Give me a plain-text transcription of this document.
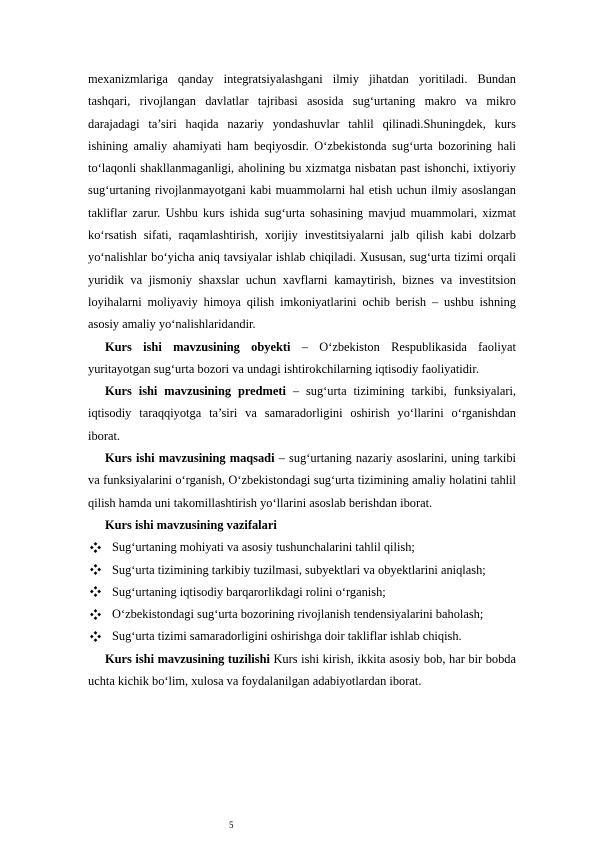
mexanizmlariga qanday integratsiyalashgani ilmiy jihatdan yoritiladi. Bundan tashqari, rivojlangan davlatlar tajribasi asosida sug‘urtaning makro va mikro darajadagi ta’siri haqida nazariy yondashuvlar tahlil qilinadi.Shuningdek, kurs ishining amaliy ahamiyati ham beqiyosdir. O‘zbekistonda sug‘urta bozorining hali to‘laqonli shakllanmaganligi, aholining bu xizmatga nisbatan past ishonchi, ixtiyoriy sug‘urtaning rivojlanmayotgani kabi muammolarni hal etish uchun ilmiy asoslangan takliflar zarur. Ushbu kurs ishida sug‘urta sohasining mavjud muammolari, xizmat ko‘rsatish sifati, raqamlashtirish, xorijiy investitsiyalarni jalb qilish kabi dolzarb yo‘nalishlar bo‘yicha aniq tavsiyalar ishlab chiqiladi. Xususan, sug‘urta tizimi orqali yuridik va jismoniy shaxslar uchun xavflarni kamaytirish, biznes va investitsion loyihalarni moliyaviy himoya qilish imkoniyatlarini ochib berish – ushbu ishning asosiy amaliy yo‘nalishlaridandir.

Kurs ishi mavzusining obyekti – O‘zbekiston Respublikasida faoliyat yuritayotgan sug‘urta bozori va undagi ishtirokchilarning iqtisodiy faoliyatidir.

Kurs ishi mavzusining predmeti – sug‘urta tizimining tarkibi, funksiyalari, iqtisodiy taraqqiyotga ta’siri va samaradorligini oshirish yo‘llarini o‘rganishdan iborat.

Kurs ishi mavzusining maqsadi – sug‘urtaning nazariy asoslarini, uning tarkibi va funksiyalarini o‘rganish, O‘zbekistondagi sug‘urta tizimining amaliy holatini tahlil qilish hamda uni takomillashtirish yo‘llarini asoslab berishdan iborat.

Kurs ishi mavzusining vazifalari

Sug‘urtaning mohiyati va asosiy tushunchalarini tahlil qilish;
Sug‘urta tizimining tarkibiy tuzilmasi, subyektlari va obyektlarini aniqlash;
Sug‘urtaning iqtisodiy barqarorlikdagi rolini o‘rganish;
O‘zbekistondagi sug‘urta bozorining rivojlanish tendensiyalarini baholash;
Sug‘urta tizimi samaradorligini oshirishga doir takliflar ishlab chiqish.

Kurs ishi mavzusining tuzilishi Kurs ishi kirish, ikkita asosiy bob, har bir bobda uchta kichik bo‘lim, xulosa va foydalanilgan adabiyotlardan iborat.

5
